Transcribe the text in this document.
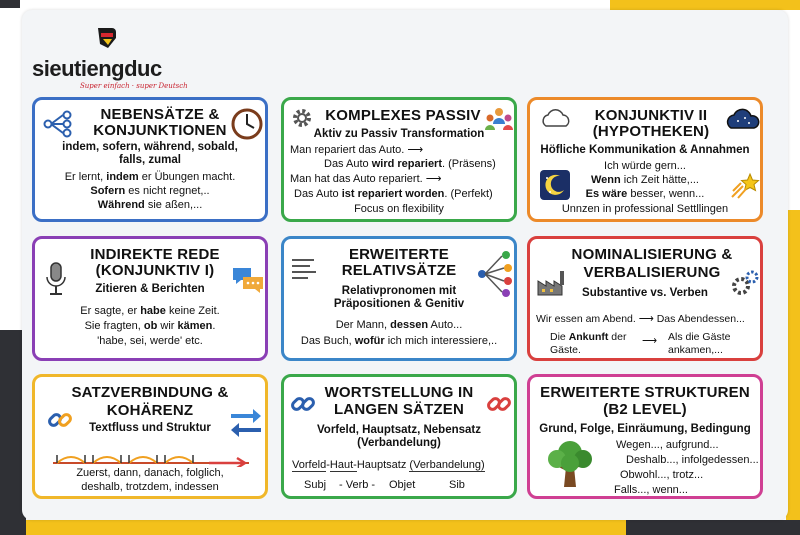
sieutiengduc
Super einfach · super Deutsch
NEBENSÄTZE &
KONJUNKTIONEN
indem, sofern, während, sobald,
falls, zumal
Er lernt, indem er Übungen macht.
Sofern es nicht regnet,..
Während sie aßen,...
KOMPLEXES PASSIV
Aktiv zu Passiv Transformation
Man repariert das Auto. ⟶
Das Auto wird repariert. (Präsens)
Man hat das Auto repariert. ⟶
Das Auto ist repariert worden. (Perfekt)
Focus on flexibility
KONJUNKTIV II
(HYPOTHEKEN)
Höfliche Kommunikation & Annahmen
Ich würde gern...
Wenn ich Zeit hätte,...
Es wäre besser, wenn...
Unnzen in professional Settllingen
INDIREKTE REDE
(KONJUNKTIV I)
Zitieren & Berichten
Er sagte, er habe keine Zeit.
Sie fragten, ob wir kämen.
'habe, sei, werde' etc.
ERWEITERTE
RELATIVSÄTZE
Relativpronomen mit
Präpositionen & Genitiv
Der Mann, dessen Auto...
Das Buch, wofür ich mich interessiere,..
NOMINALISIERUNG &
VERBALISIERUNG
Substantive vs. Verben
Wir essen am Abend. ⟶ Das Abendessen...
Die Ankunft der
Gäste.
⟶ Als die Gäste
ankamen,...
SATZVERBINDUNG &
KOHÄRENZ
Textfluss und Struktur
Zuerst, dann, danach, folglich,
deshalb, trotzdem, indessen
WORTSTELLUNG IN
LANGEN SÄTZEN
Vorfeld, Hauptsatz, Nebensatz
(Verbandelung)
Vorfeld-Haut-Hauptsatz (Verbandelung)
Subj - Verb - Objet	Sib
ERWEITERTE STRUKTUREN
(B2 LEVEL)
Grund, Folge, Einräumung, Bedingung
Wegen..., aufgrund...
Deshalb..., infolgedessen...
Obwohl..., trotz...
Falls..., wenn...
